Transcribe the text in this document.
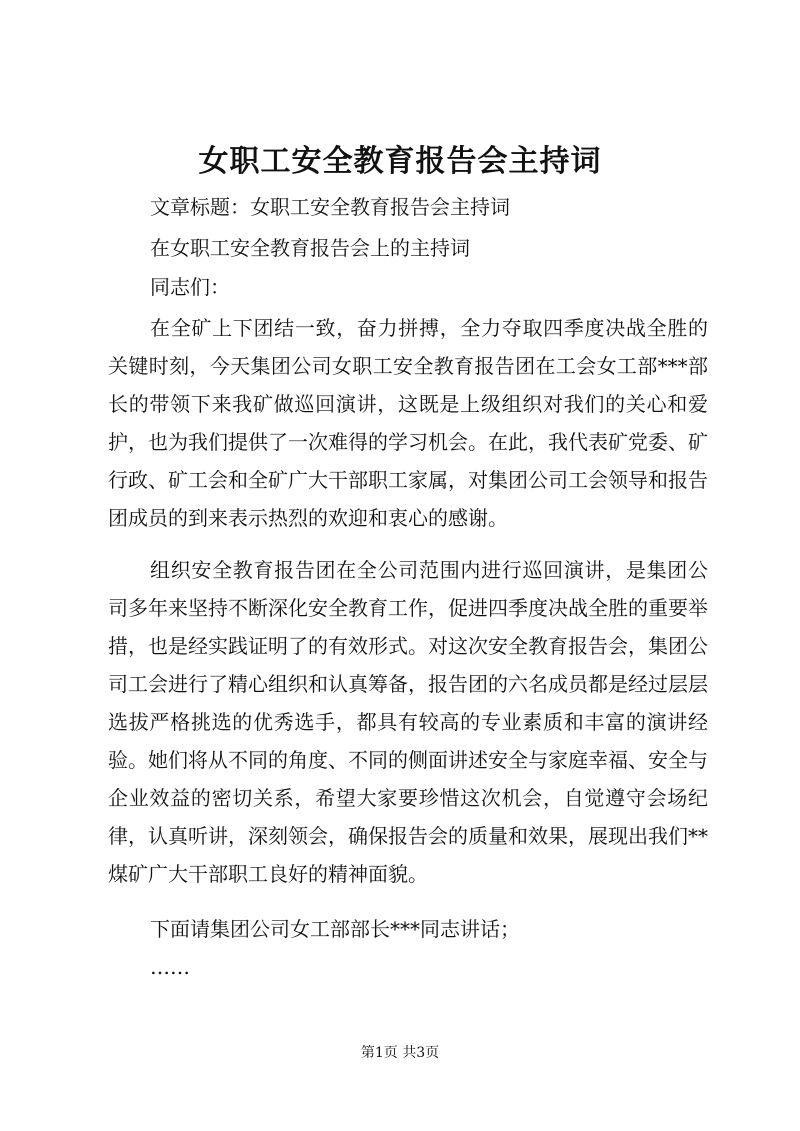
女职工安全教育报告会主持词

文章标题：女职工安全教育报告会主持词

在女职工安全教育报告会上的主持词

同志们：

在全矿上下团结一致，奋力拼搏，全力夺取四季度决战全胜的关键时刻，今天集团公司女职工安全教育报告团在工会女工部***部长的带领下来我矿做巡回演讲，这既是上级组织对我们的关心和爱护，也为我们提供了一次难得的学习机会。在此，我代表矿党委、矿行政、矿工会和全矿广大干部职工家属，对集团公司工会领导和报告团成员的到来表示热烈的欢迎和衷心的感谢。

组织安全教育报告团在全公司范围内进行巡回演讲，是集团公司多年来坚持不断深化安全教育工作，促进四季度决战全胜的重要举措，也是经实践证明了的有效形式。对这次安全教育报告会，集团公司工会进行了精心组织和认真筹备，报告团的六名成员都是经过层层选拔严格挑选的优秀选手，都具有较高的专业素质和丰富的演讲经验。她们将从不同的角度、不同的侧面讲述安全与家庭幸福、安全与企业效益的密切关系，希望大家要珍惜这次机会，自觉遵守会场纪律，认真听讲，深刻领会，确保报告会的质量和效果，展现出我们**煤矿广大干部职工良好的精神面貌。

下面请集团公司女工部部长***同志讲话；

……

第1页 共3页
